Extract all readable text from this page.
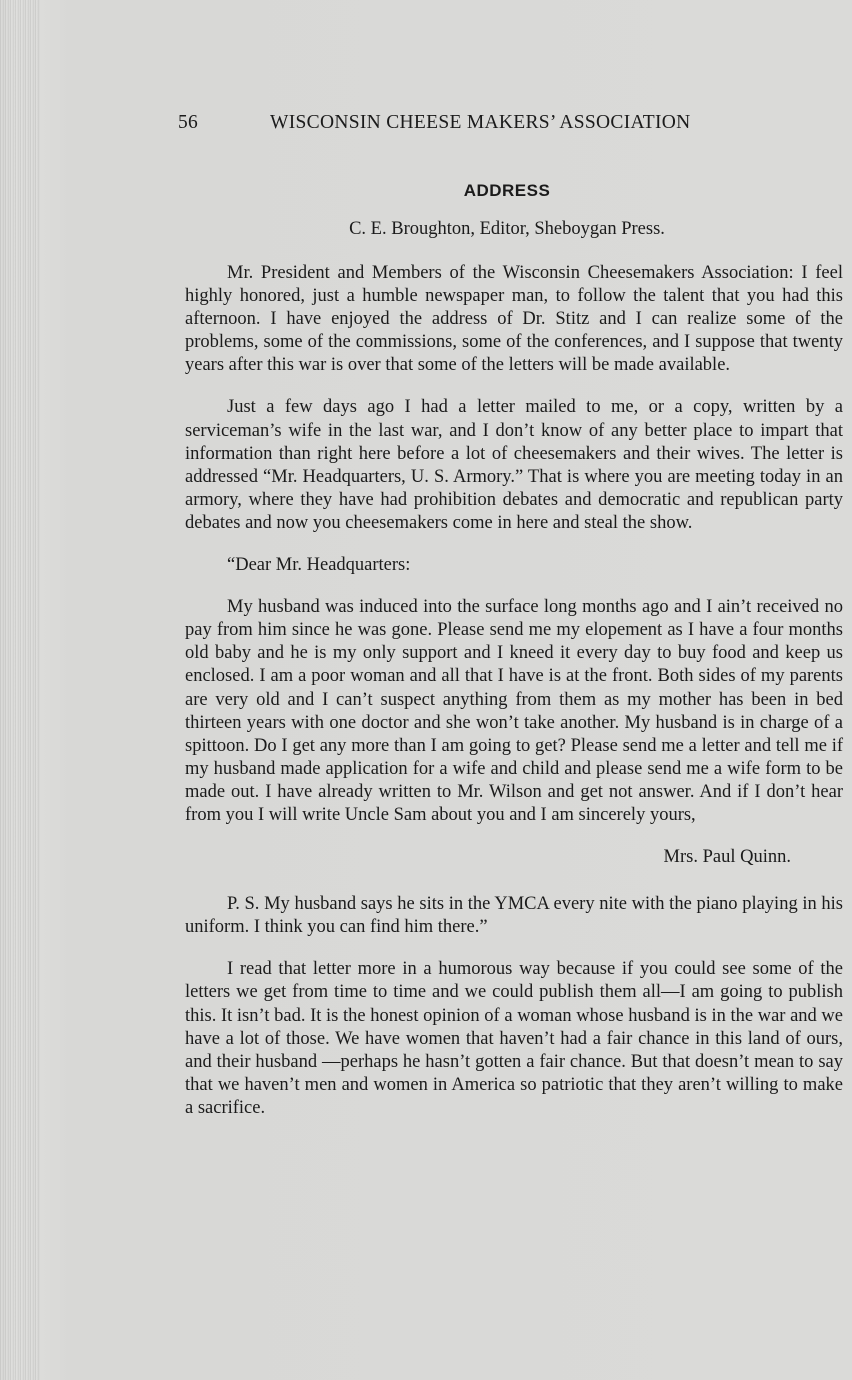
56	WISCONSIN CHEESE MAKERS’ ASSOCIATION
ADDRESS
C. E. Broughton, Editor, Sheboygan Press.

Mr. President and Members of the Wisconsin Cheesemakers Association: I feel highly honored, just a humble newspaper man, to follow the talent that you had this afternoon. I have enjoyed the address of Dr. Stitz and I can realize some of the problems, some of the commissions, some of the conferences, and I suppose that twenty years after this war is over that some of the letters will be made available.

Just a few days ago I had a letter mailed to me, or a copy, written by a serviceman’s wife in the last war, and I don’t know of any better place to impart that information than right here before a lot of cheesemakers and their wives. The letter is addressed “Mr. Headquarters, U. S. Armory.” That is where you are meeting today in an armory, where they have had prohibition debates and democratic and republican party debates and now you cheesemakers come in here and steal the show.

“Dear Mr. Headquarters:

My husband was induced into the surface long months ago and I ain’t received no pay from him since he was gone. Please send me my elopement as I have a four months old baby and he is my only support and I kneed it every day to buy food and keep us enclosed. I am a poor woman and all that I have is at the front. Both sides of my parents are very old and I can’t suspect anything from them as my mother has been in bed thirteen years with one doctor and she won’t take another. My husband is in charge of a spittoon. Do I get any more than I am going to get? Please send me a letter and tell me if my husband made application for a wife and child and please send me a wife form to be made out. I have already written to Mr. Wilson and get not answer. And if I don’t hear from you I will write Uncle Sam about you and I am sincerely yours,

Mrs. Paul Quinn.

P. S. My husband says he sits in the YMCA every nite with the piano playing in his uniform. I think you can find him there.”

I read that letter more in a humorous way because if you could see some of the letters we get from time to time and we could publish them all—I am going to publish this. It isn’t bad. It is the honest opinion of a woman whose husband is in the war and we have a lot of those. We have women that haven’t had a fair chance in this land of ours, and their husband —perhaps he hasn’t gotten a fair chance. But that doesn’t mean to say that we haven’t men and women in America so patriotic that they aren’t willing to make a sacrifice.
